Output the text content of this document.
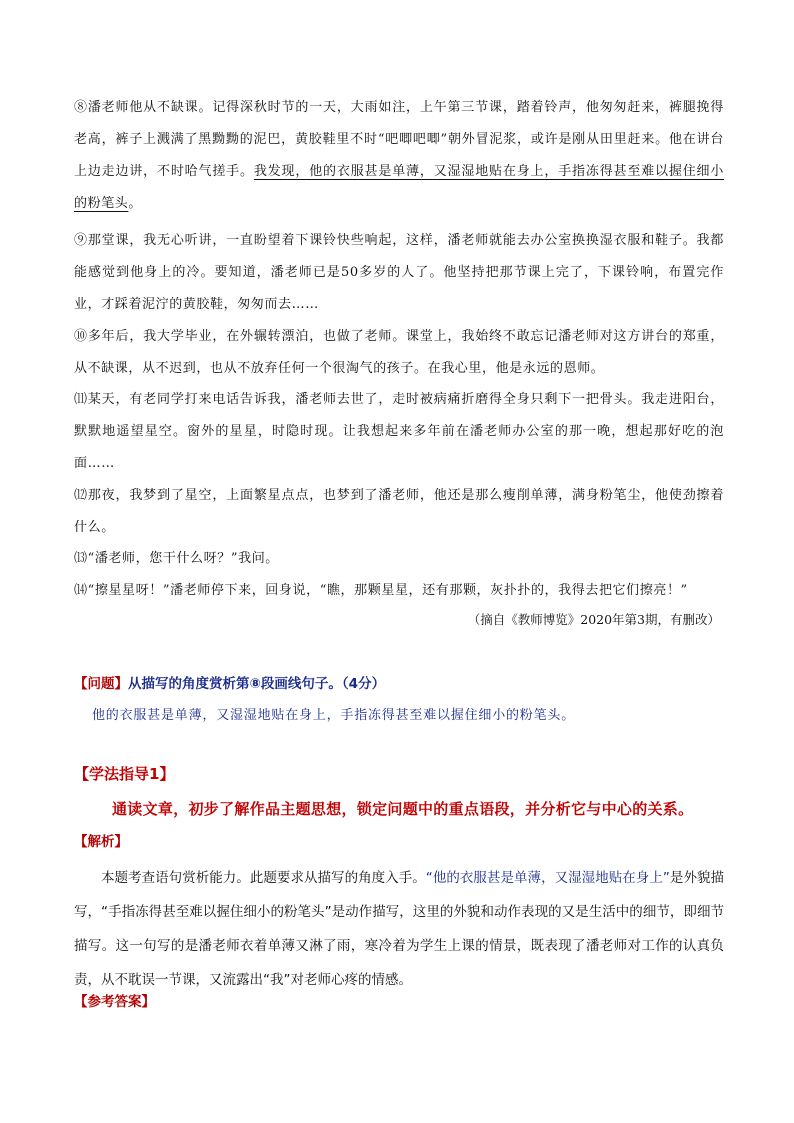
⑧潘老师他从不缺课。记得深秋时节的一天，大雨如注，上午第三节课，踏着铃声，他匆匆赶来，裤腿挽得老高，裤子上溅满了黑黝黝的泥巴，黄胶鞋里不时“吧唧吧唧”朝外冒泥浆，或许是刚从田里赶来。他在讲台上边走边讲，不时哈气搓手。我发现，他的衣服甚是单薄，又湿湿地贴在身上，手指冻得甚至难以握住细小的粉笔头。
⑨那堂课，我无心听讲，一直盼望着下课铃快些响起，这样，潘老师就能去办公室换换湿衣服和鞋子。我都能感觉到他身上的冷。要知道，潘老师已是50多岁的人了。他坚持把那节课上完了，下课铃响，布置完作业，才踩着泥泞的黄胶鞋，匆匆而去……
⑩多年后，我大学毕业，在外辗转漂泊，也做了老师。课堂上，我始终不敢忘记潘老师对这方讲台的郑重，从不缺课，从不迟到，也从不放弃任何一个很淘气的孩子。在我心里，他是永远的恩师。
⑾某天，有老同学打来电话告诉我，潘老师去世了，走时被病痛折磨得全身只剩下一把骨头。我走进阳台，默默地遥望星空。窗外的星星，时隐时现。让我想起来多年前在潘老师办公室的那一晚，想起那好吃的泡面……
⑿那夜，我梦到了星空，上面繁星点点，也梦到了潘老师，他还是那么瘦削单薄，满身粉笔尘，他使劲擦着什么。
⒀“潘老师，您干什么呀？”我问。
⒁“擦星星呀！”潘老师停下来，回身说，“瞧，那颗星星，还有那颗，灰扑扑的，我得去把它们擦亮！”
（摘自《教师博览》2020年第3期，有删改）
【问题】从描写的角度赏析第⑧段画线句子。（4分）
他的衣服甚是单薄，又湿湿地贴在身上，手指冻得甚至难以握住细小的粉笔头。
【学法指导1】
通读文章，初步了解作品主题思想，锁定问题中的重点语段，并分析它与中心的关系。
【解析】
本题考查语句赏析能力。此题要求从描写的角度入手。“他的衣服甚是单薄，又湿湿地贴在身上”是外貌描写，“手指冻得甚至难以握住细小的粉笔头”是动作描写，这里的外貌和动作表现的又是生活中的细节，即细节描写。这一句写的是潘老师衣着单薄又淋了雨，寒冷着为学生上课的情景，既表现了潘老师对工作的认真负责，从不耽误一节课，又流露出“我”对老师心疼的情感。
【参考答案】
